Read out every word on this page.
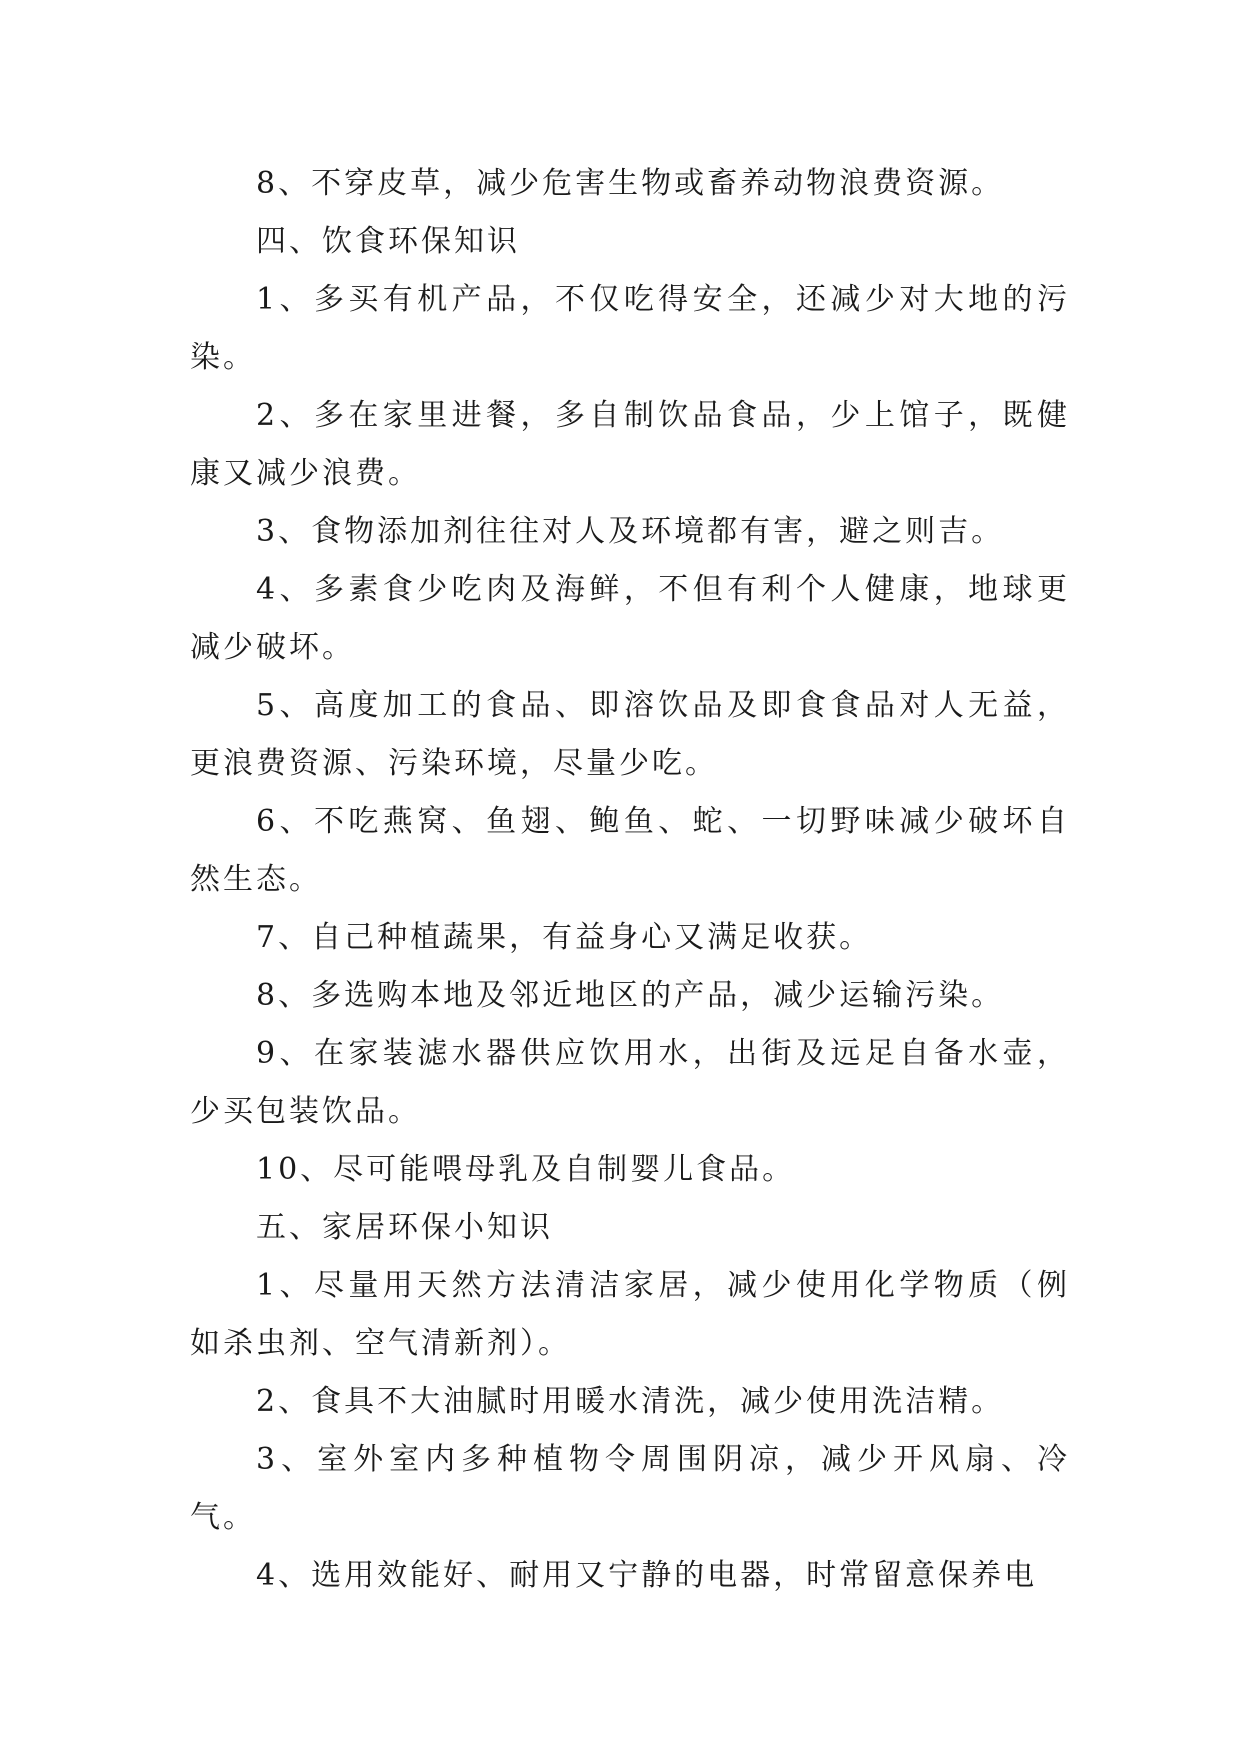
8、不穿皮草，减少危害生物或畜养动物浪费资源。

四、饮食环保知识

1、多买有机产品，不仅吃得安全，还减少对大地的污染。

2、多在家里进餐，多自制饮品食品，少上馆子，既健康又减少浪费。

3、食物添加剂往往对人及环境都有害，避之则吉。

4、多素食少吃肉及海鲜，不但有利个人健康，地球更减少破坏。

5、高度加工的食品、即溶饮品及即食食品对人无益，更浪费资源、污染环境，尽量少吃。

6、不吃燕窝、鱼翅、鲍鱼、蛇、一切野味减少破坏自然生态。

7、自己种植蔬果，有益身心又满足收获。

8、多选购本地及邻近地区的产品，减少运输污染。

9、在家装滤水器供应饮用水，出街及远足自备水壶，少买包装饮品。

10、尽可能喂母乳及自制婴儿食品。

五、家居环保小知识

1、尽量用天然方法清洁家居，减少使用化学物质（例如杀虫剂、空气清新剂）。

2、食具不大油腻时用暖水清洗，减少使用洗洁精。

3、室外室内多种植物令周围阴凉，减少开风扇、冷气。

4、选用效能好、耐用又宁静的电器，时常留意保养电
